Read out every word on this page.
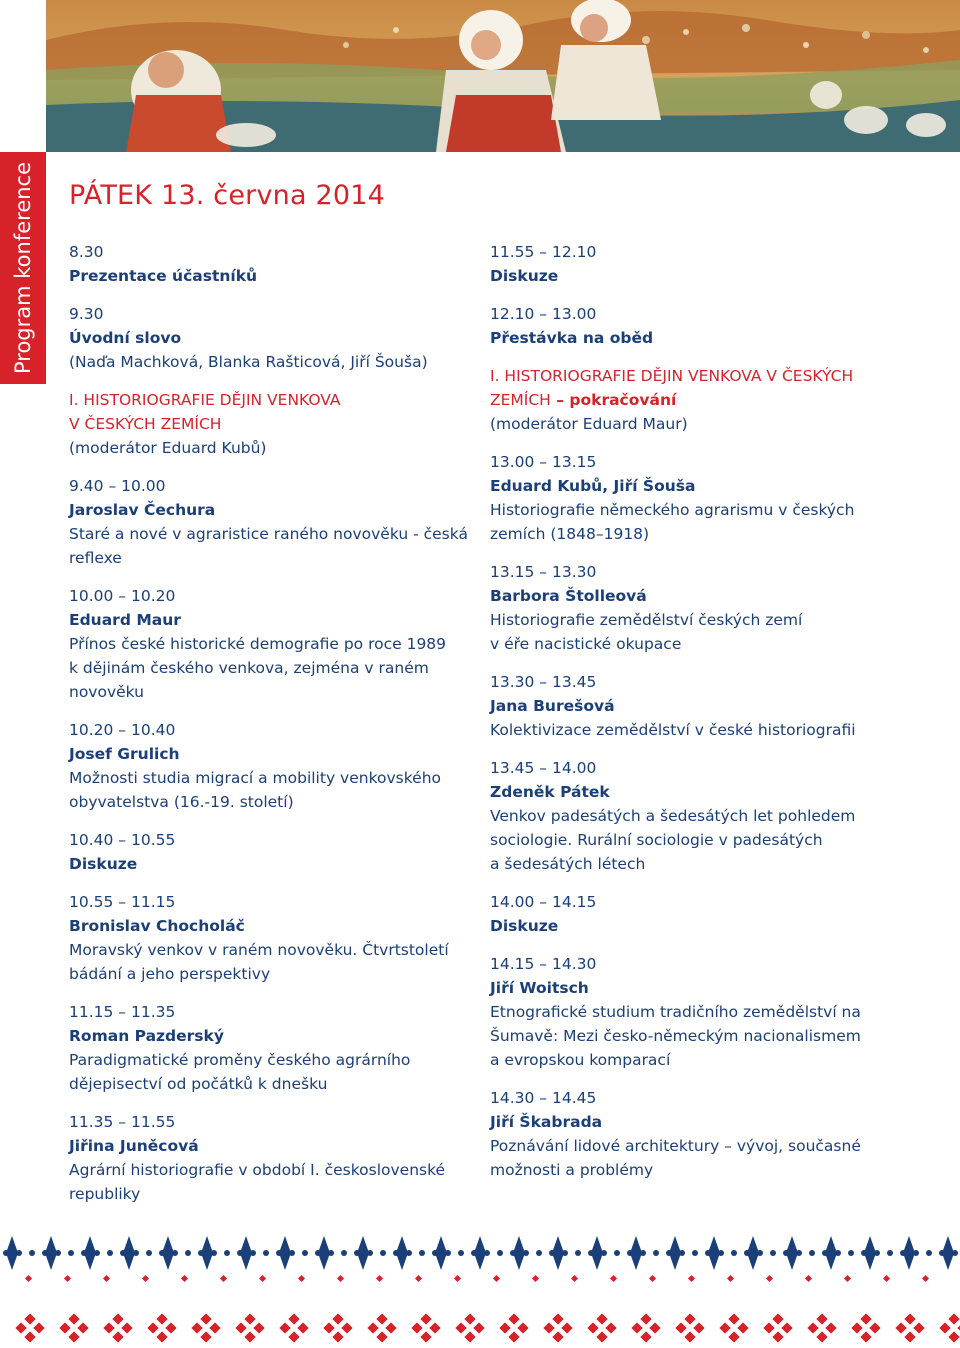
Program konference PÁTEK 13. června 2014
8.30
Prezentace účastníků
9.30
Úvodní slovo
(Naďa Machková, Blanka Rašticová, Jiří Šouša)
I. HISTORIOGRAFIE DĚJIN VENKOVA
V ČESKÝCH ZEMÍCH
(moderátor Eduard Kubů)
9.40 – 10.00
Jaroslav Čechura
Staré a nové v agraristice raného novověku - česká
reflexe
10.00 – 10.20
Eduard Maur
Přínos české historické demografie po roce 1989
k dějinám českého venkova, zejména v raném
novověku
10.20 – 10.40
Josef Grulich
Možnosti studia migrací a mobility venkovského
obyvatelstva (16.-19. století)
10.40 – 10.55
Diskuze
10.55 – 11.15
Bronislav Chocholáč
Moravský venkov v raném novověku. Čtvrtstoletí
bádání a jeho perspektivy
11.15 – 11.35
Roman Pazderský
Paradigmatické proměny českého agrárního
dějepisectví od počátků k dnešku
11.35 – 11.55
Jiřina Juněcová
Agrární historiografie v období I. československé
republiky
11.55 – 12.10
Diskuze
12.10 – 13.00
Přestávka na oběd
I. HISTORIOGRAFIE DĚJIN VENKOVA V ČESKÝCH
ZEMÍCH – pokračování
(moderátor Eduard Maur)
13.00 – 13.15
Eduard Kubů, Jiří Šouša
Historiografie německého agrarismu v českých
zemích (1848–1918)
13.15 – 13.30
Barbora Štolleová
Historiografie zemědělství českých zemí
v éře nacistické okupace
13.30 – 13.45
Jana Burešová
Kolektivizace zemědělství v české historiografii
13.45 – 14.00
Zdeněk Pátek
Venkov padesátých a šedesátých let pohledem
sociologie. Rurální sociologie v padesátých
a šedesátých létech
14.00 – 14.15
Diskuze
14.15 – 14.30
Jiří Woitsch
Etnografické studium tradičního zemědělství na
Šumavě: Mezi česko-německým nacionalismem
a evropskou komparací
14.30 – 14.45
Jiří Škabrada
Poznávání lidové architektury – vývoj, současné
možnosti a problémy
